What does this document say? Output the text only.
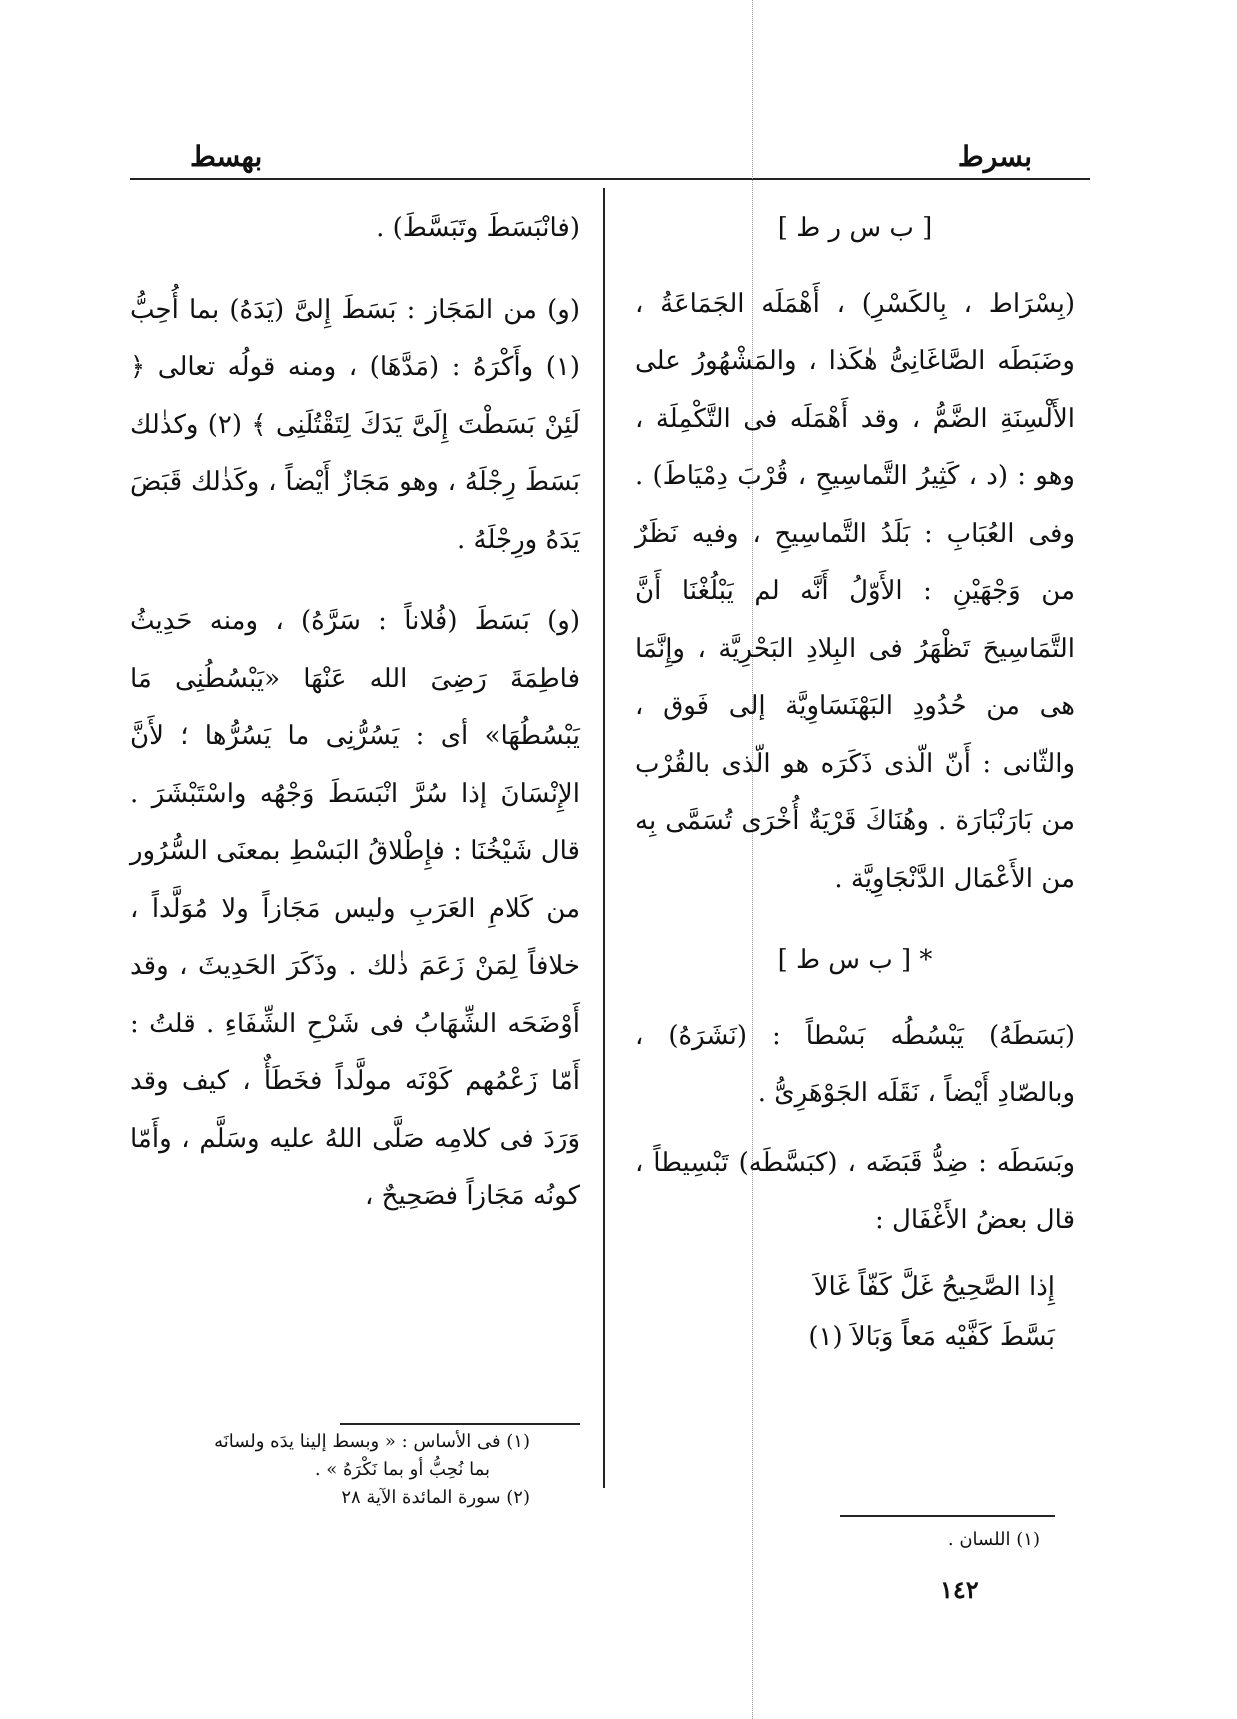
بسرط
بهسط
[ ب س ر ط ]

(بِسْرَاط ، بِالكَسْرِ) ، أَهْمَلَه الجَمَاعَةُ ، وضَبَطَه الصَّاغَانِىُّ هٰكَذا ، والمَشْهُورُ على الأَلْسِنَةِ الضَّمُّ ، وقد أَهْمَلَه فى التَّكْمِلَة ، وهو : (د ، كَثِيرُ التَّماسِيحِ ، قُرْبَ دِمْيَاطَ) . وفى العُبَابِ : بَلَدُ التَّماسِيحِ ، وفيه نَظَرٌ من وَجْهَيْنِ : الأَوّلُ أَنَّه لم يَبْلُغْنَا أَنَّ التَّمَاسِيحَ تَظْهَرُ فى البِلادِ البَحْرِيَّة ، وإِنَّمَا هى من حُدُودِ البَهْنَسَاوِيَّة إلى فَوق ، والثّانى : أَنّ الّذى ذَكَرَه هو الّذى بالقُرْب من بَارَنْبَارَة . وهُنَاكَ قَرْيَةٌ أُخْرَى تُسَمَّى بِه من الأَعْمَال الدَّنْجَاوِيَّة .

* [ ب س ط ]

(بَسَطَهُ) يَبْسُطُه بَسْطاً : (نَشَرَهُ) ، وبالصّادِ أَيْضاً ، نَقَلَه الجَوْهَرِىُّ .

وبَسَطَه : ضِدُّ قَبَضَه ، (كبَسَّطَه) تَبْسِيطاً ، قال بعضُ الأَغْفَال :

إِذا الصَّحِيحُ غَلَّ كَفّاً غَالاَ
بَسَّطَ كَفَّيْه مَعاً وَبَالاَ (١)

(فانْبَسَطَ وتَبَسَّطَ) .

(و) من المَجَاز : بَسَطَ إِلىَّ (يَدَهُ) بما أُحِبُّ (١) وأَكْرَهُ : (مَدَّهَا) ، ومنه قولُه تعالى ﴿ لَئِنْ بَسَطْتَ إِلَىَّ يَدَكَ لِتَقْتُلَنِى ﴾ (٢) وكذٰلك بَسَطَ رِجْلَهُ ، وهو مَجَازٌ أَيْضاً ، وكَذٰلك قَبَضَ يَدَهُ ورِجْلَهُ .

(و) بَسَطَ (فُلاناً : سَرَّهُ) ، ومنه حَدِيثُ فاطِمَةَ رَضِىَ الله عَنْهَا «يَبْسُطُنِى مَا يَبْسُطُهَا» أى : يَسُرُّنِى ما يَسُرُّها ؛ لأَنَّ الإِنْسَانَ إذا سُرَّ انْبَسَطَ وَجْهُه واسْتَبْشَرَ . قال شَيْخُنَا : فإِطْلاقُ البَسْطِ بمعنَى السُّرُور من كَلامِ العَرَبِ وليس مَجَازاً ولا مُوَلَّداً ، خلافاً لِمَنْ زَعَمَ ذٰلك . وذَكَرَ الحَدِيثَ ، وقد أَوْضَحَه الشِّهَابُ فى شَرْحِ الشِّفَاءِ . قلتُ : أَمّا زَعْمُهم كَوْنَه مولَّداً فخَطَأٌ ، كيف وقد وَرَدَ فى كلامِه صَلَّى اللهُ عليه وسَلَّم ، وأَمّا كونُه مَجَازاً فصَحِيحٌ ،

(١) فى الأساس : « وبسط إلينا يدَه ولسانَه
بما نُحِبُّ أو بما نَكْرَهُ » .
(٢) سورة المائدة الآية ٢٨
(١) اللسان .
١٤٢
